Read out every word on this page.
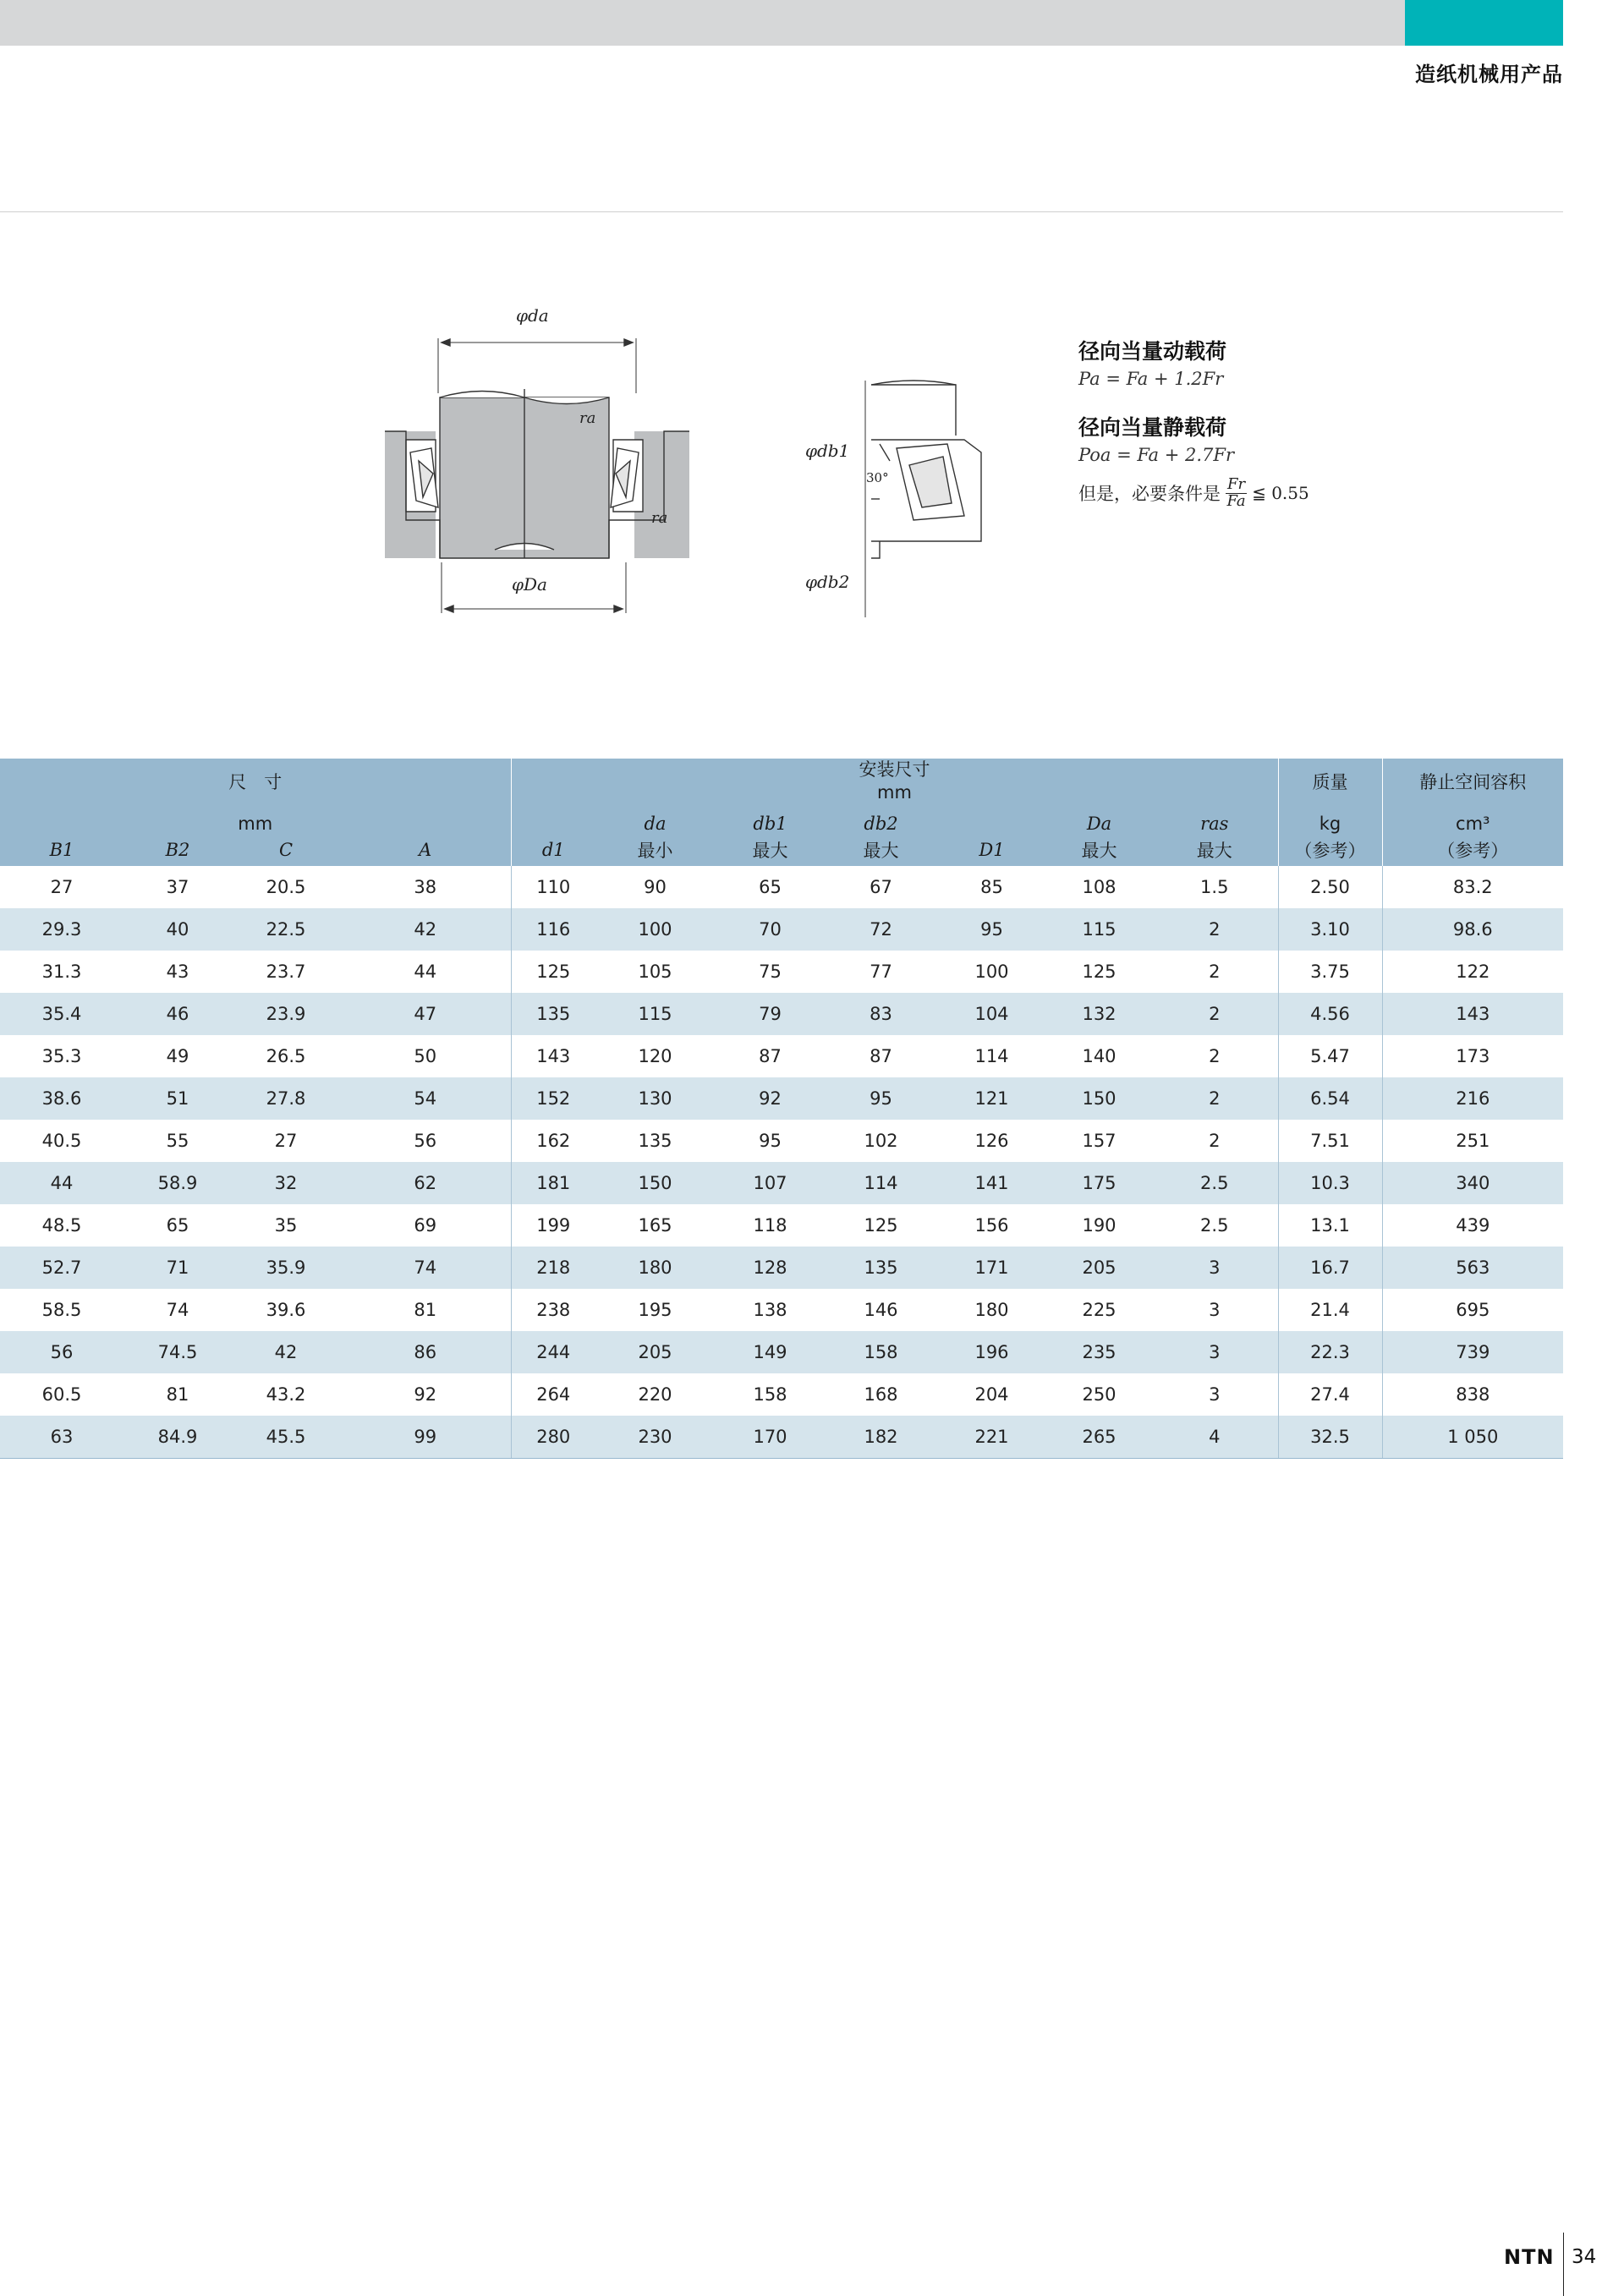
造纸机械用产品
φda
ra
ra
φDa
φdb1
30°
φdb2
径向当量动载荷
Pa = Fa + 1.2Fr
径向当量静载荷
Poa = Fa + 2.7Fr
但是，必要条件是 $\frac{Fr}{Fa}$ ≦ 0.55
尺　寸				安装尺寸
mm							质量	静止空间容积
mm					da	db1	db2		Da	ras	kg	cm³
B1	B2	C	A	d1	最小	最大	最大	D1	最大	最大	（参考）	（参考）
27	37	20.5	38	110	90	65	67	85	108	1.5	2.50	83.2
29.3	40	22.5	42	116	100	70	72	95	115	2	3.10	98.6
31.3	43	23.7	44	125	105	75	77	100	125	2	3.75	122
35.4	46	23.9	47	135	115	79	83	104	132	2	4.56	143
35.3	49	26.5	50	143	120	87	87	114	140	2	5.47	173
38.6	51	27.8	54	152	130	92	95	121	150	2	6.54	216
40.5	55	27	56	162	135	95	102	126	157	2	7.51	251
44	58.9	32	62	181	150	107	114	141	175	2.5	10.3	340
48.5	65	35	69	199	165	118	125	156	190	2.5	13.1	439
52.7	71	35.9	74	218	180	128	135	171	205	3	16.7	563
58.5	74	39.6	81	238	195	138	146	180	225	3	21.4	695
56	74.5	42	86	244	205	149	158	196	235	3	22.3	739
60.5	81	43.2	92	264	220	158	168	204	250	3	27.4	838
63	84.9	45.5	99	280	230	170	182	221	265	4	32.5	1 050
NTN 34
